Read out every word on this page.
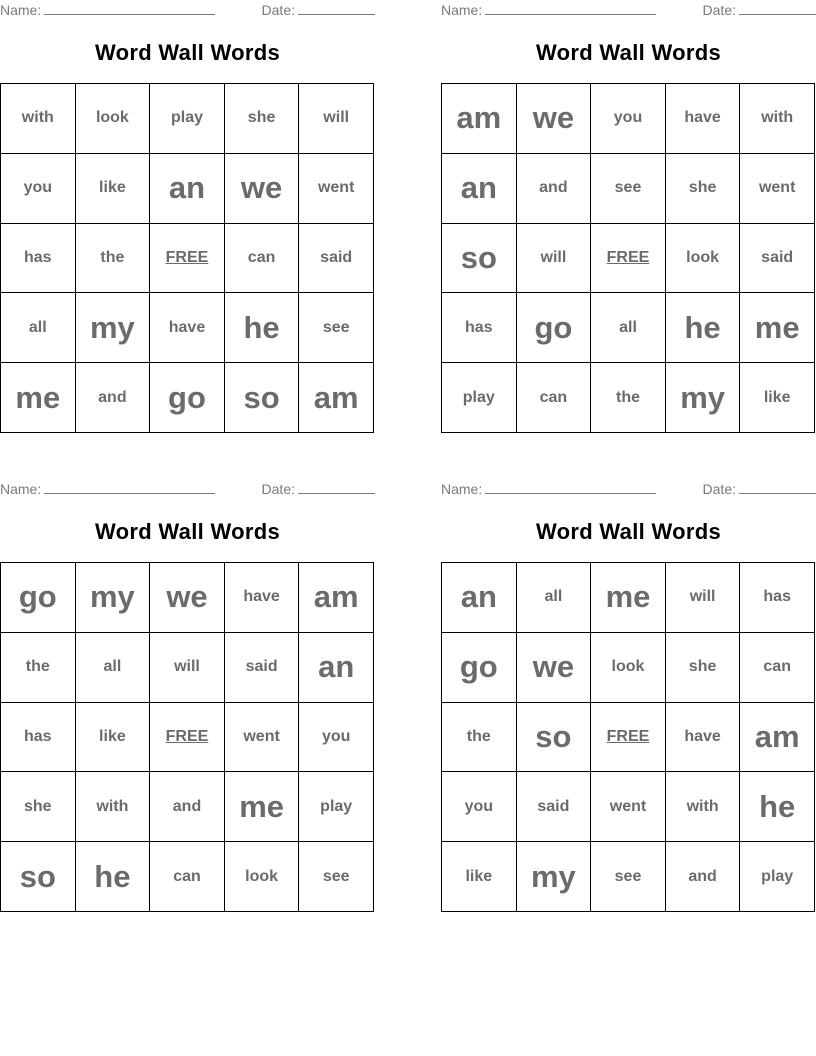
Name:	Date:
Word Wall Words
with	look	play	she	will
you	like	an	we	went
has	the	FREE	can	said
all	my	have	he	see
me	and	go	so	am
Name:	Date:
Word Wall Words
am	we	you	have	with
an	and	see	she	went
so	will	FREE	look	said
has	go	all	he	me
play	can	the	my	like
Name:	Date:
Word Wall Words
go	my	we	have	am
the	all	will	said	an
has	like	FREE	went	you
she	with	and	me	play
so	he	can	look	see
Name:	Date:
Word Wall Words
an	all	me	will	has
go	we	look	she	can
the	so	FREE	have	am
you	said	went	with	he
like	my	see	and	play
